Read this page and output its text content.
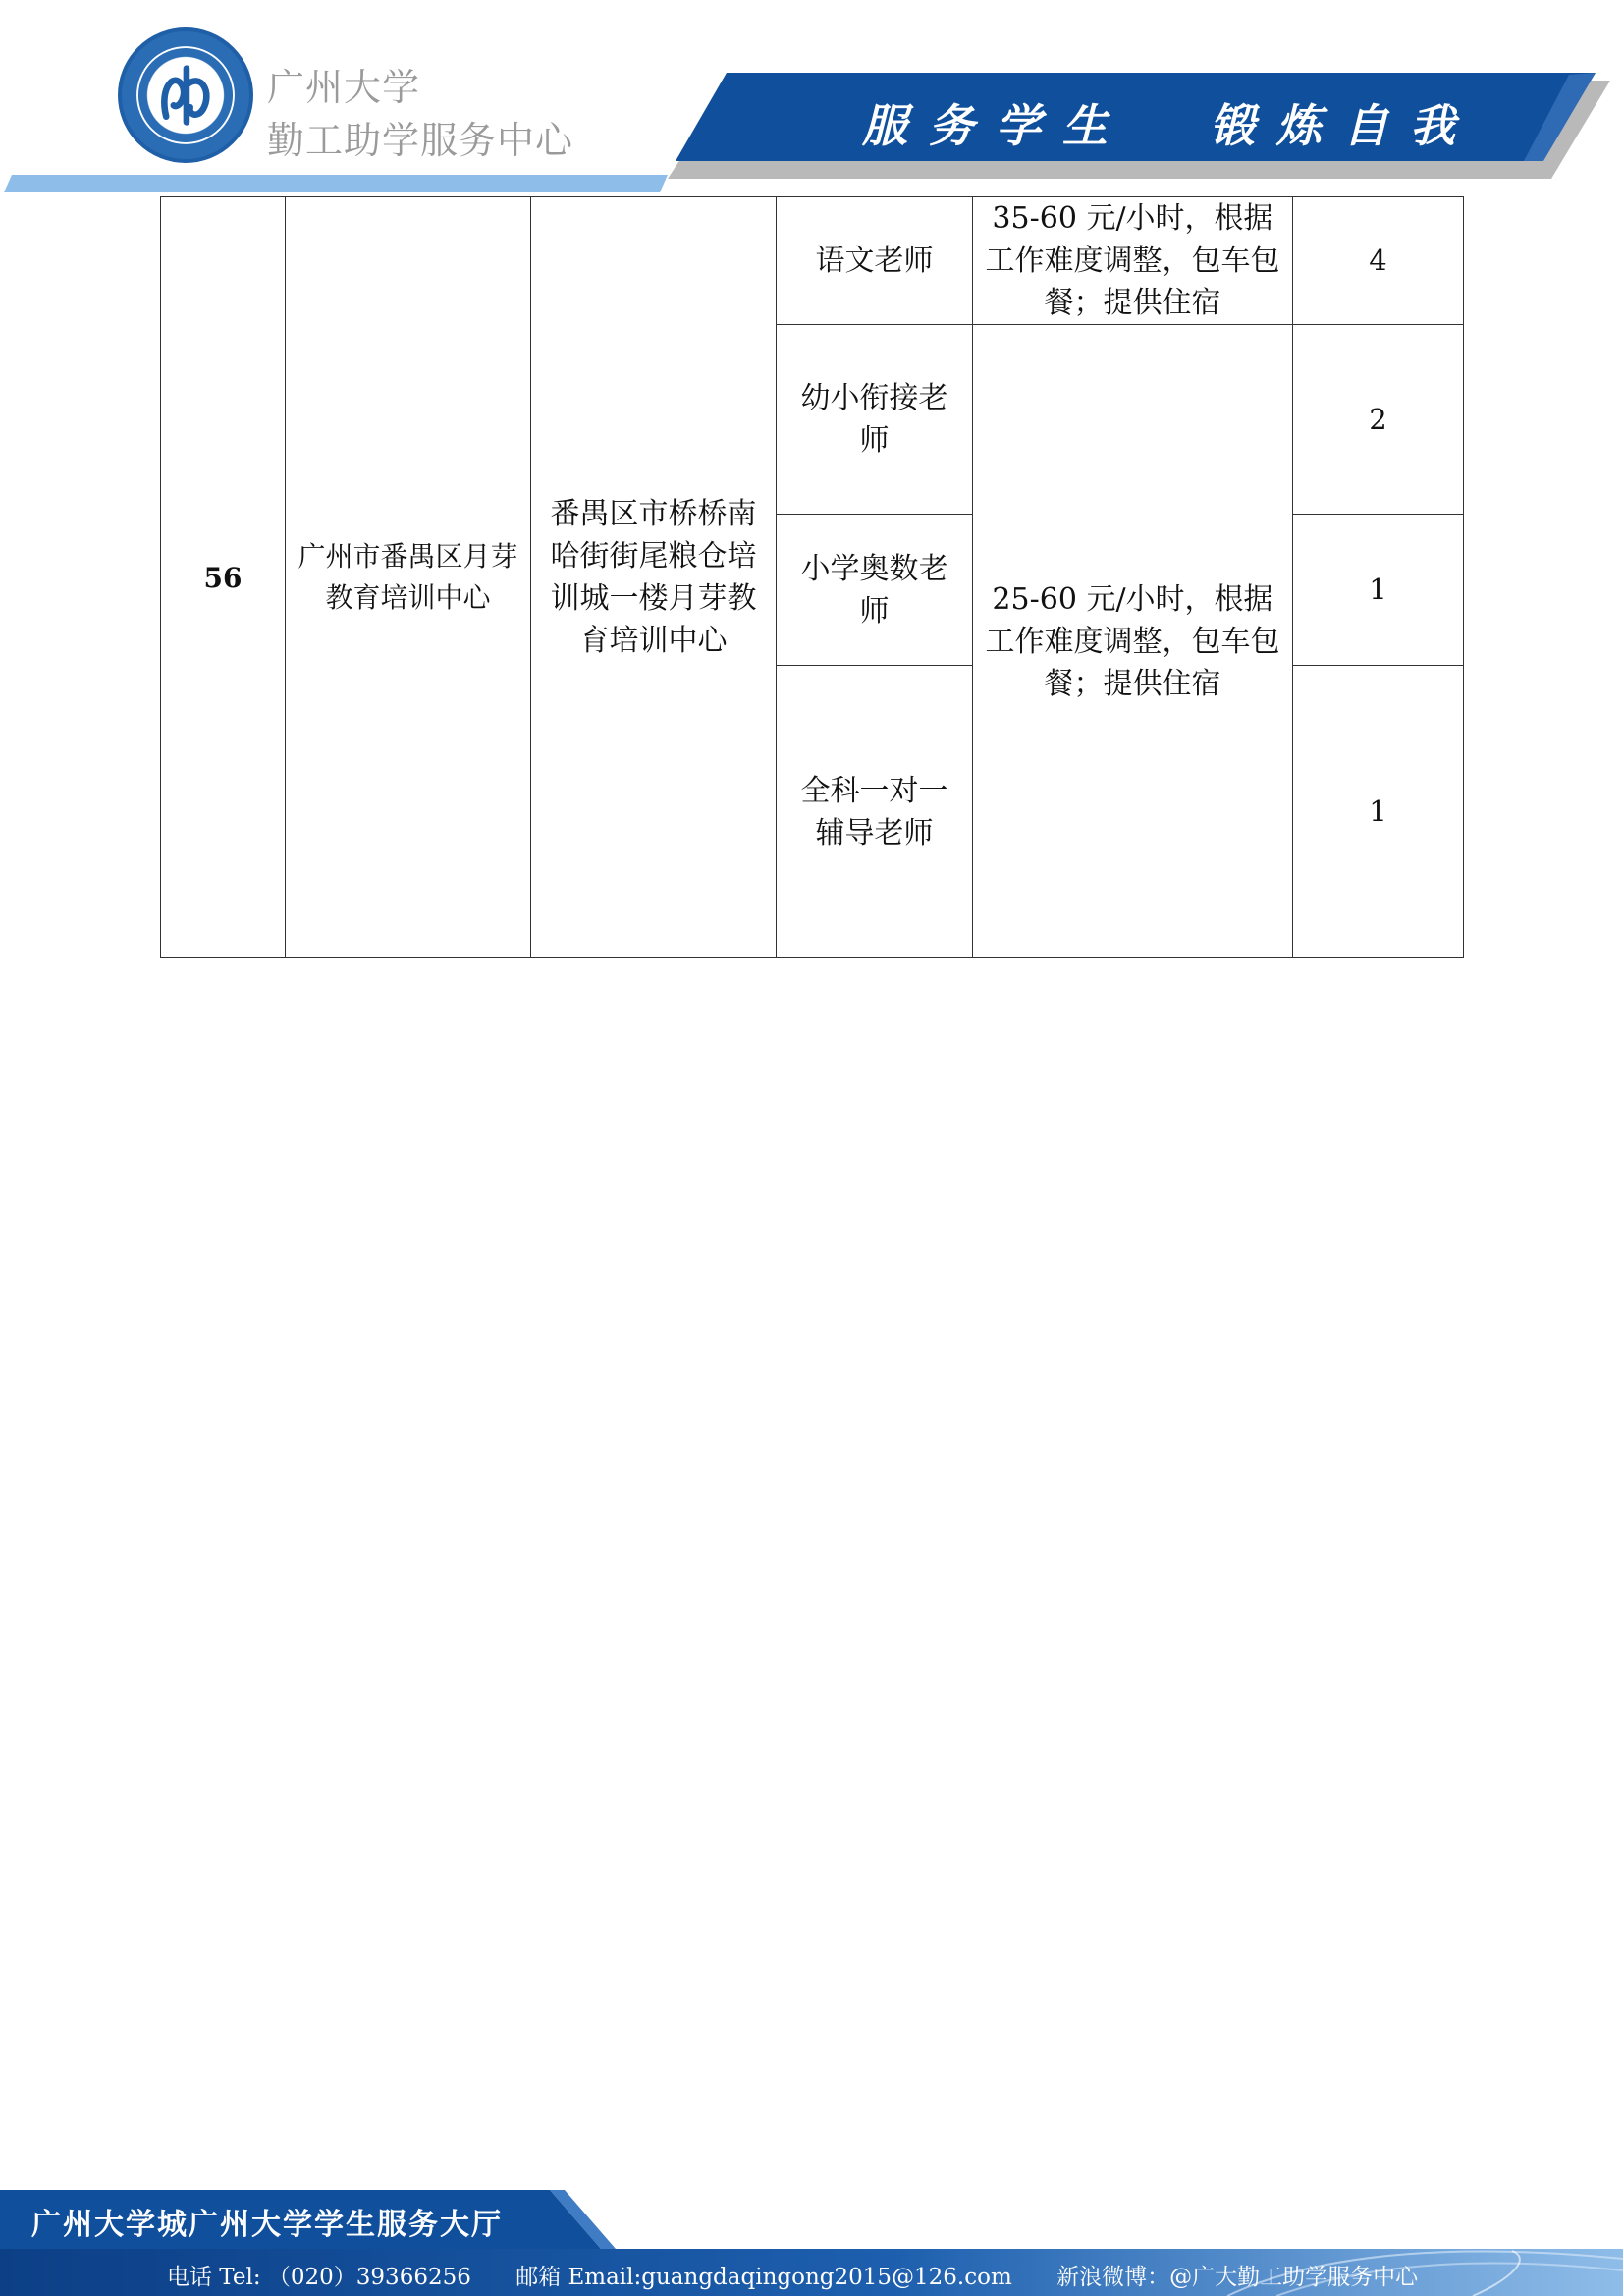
广州大学
勤工助学服务中心	服务学生 锻炼自我
56	广州市番禺区月芽教育培训中心	番禺区市桥桥南哈街街尾粮仓培训城一楼月芽教育培训中心	语文老师	35-60 元/小时，根据工作难度调整，包车包餐；提供住宿	4
			幼小衔接老师	25-60 元/小时，根据工作难度调整，包车包餐；提供住宿	2
			小学奥数老师		1
			全科一对一辅导老师		1
广州大学城广州大学学生服务大厅
电话 Tel: （020）39366256 邮箱 Email:guangdaqingong2015@126.com 新浪微博：@广大勤工助学服务中心
